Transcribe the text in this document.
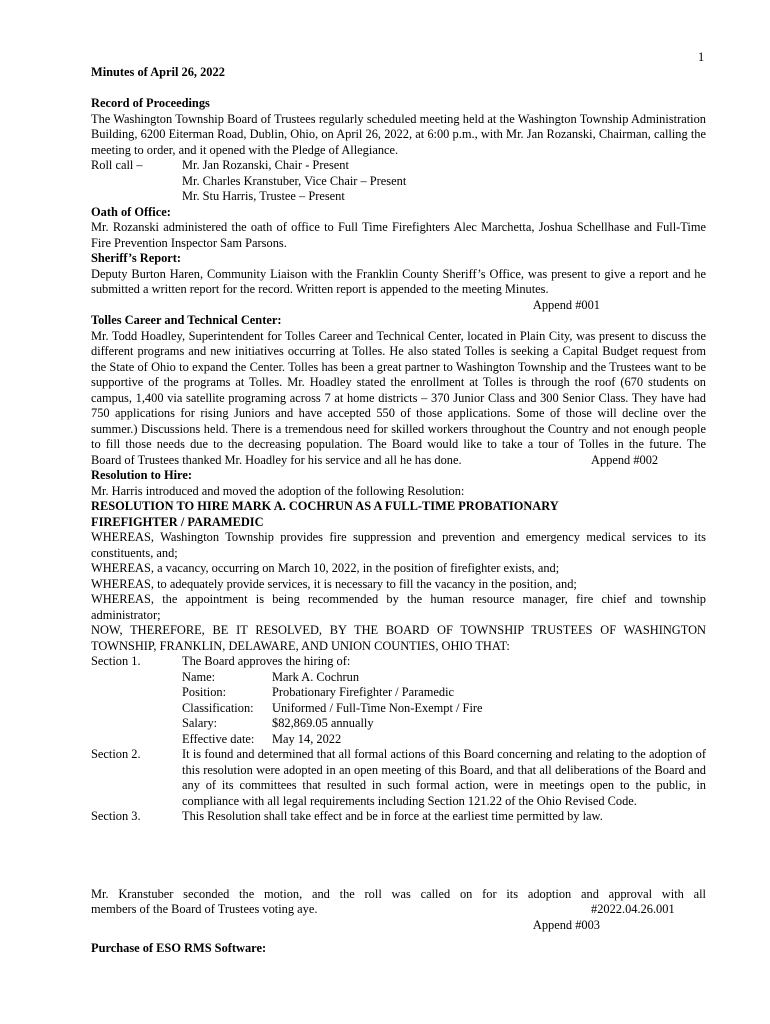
1

Minutes of April 26, 2022

Record of Proceedings

The Washington Township Board of Trustees regularly scheduled meeting held at the Washington Township Administration Building, 6200 Eiterman Road, Dublin, Ohio, on April 26, 2022, at 6:00 p.m., with Mr. Jan Rozanski, Chairman, calling the meeting to order, and it opened with the Pledge of Allegiance.

Roll call –	Mr. Jan Rozanski, Chair - Present
Mr. Charles Kranstuber, Vice Chair – Present
Mr. Stu Harris, Trustee – Present

Oath of Office:

Mr. Rozanski administered the oath of office to Full Time Firefighters Alec Marchetta, Joshua Schellhase and Full-Time Fire Prevention Inspector Sam Parsons.

Sheriff’s Report:

Deputy Burton Haren, Community Liaison with the Franklin County Sheriff’s Office, was present to give a report and he submitted a written report for the record. Written report is appended to the meeting Minutes.

Append #001

Tolles Career and Technical Center:

Mr. Todd Hoadley, Superintendent for Tolles Career and Technical Center, located in Plain City, was present to discuss the different programs and new initiatives occurring at Tolles. He also stated Tolles is seeking a Capital Budget request from the State of Ohio to expand the Center. Tolles has been a great partner to Washington Township and the Trustees want to be supportive of the programs at Tolles. Mr. Hoadley stated the enrollment at Tolles is through the roof (670 students on campus, 1,400 via satellite programing across 7 at home districts – 370 Junior Class and 300 Senior Class. They have had 750 applications for rising Juniors and have accepted 550 of those applications. Some of those will decline over the summer.) Discussions held. There is a tremendous need for skilled workers throughout the Country and not enough people to fill those needs due to the decreasing population. The Board would like to take a tour of Tolles in the future. The

Board of Trustees thanked Mr. Hoadley for his service and all he has done.	Append #002

Resolution to Hire:

Mr. Harris introduced and moved the adoption of the following Resolution:

RESOLUTION TO HIRE MARK A. COCHRUN AS A FULL-TIME PROBATIONARY FIREFIGHTER / PARAMEDIC

WHEREAS, Washington Township provides fire suppression and prevention and emergency medical services to its constituents, and;

WHEREAS, a vacancy, occurring on March 10, 2022, in the position of firefighter exists, and;

WHEREAS, to adequately provide services, it is necessary to fill the vacancy in the position, and;

WHEREAS, the appointment is being recommended by the human resource manager, fire chief and township administrator;

NOW, THEREFORE, BE IT RESOLVED, BY THE BOARD OF TOWNSHIP TRUSTEES OF WASHINGTON TOWNSHIP, FRANKLIN, DELAWARE, AND UNION COUNTIES, OHIO THAT:

Section 1.	The Board approves the hiring of:
Name:	Mark A. Cochrun
Position:	Probationary Firefighter / Paramedic
Classification:	Uniformed / Full-Time Non-Exempt / Fire
Salary:	$82,869.05 annually
Effective date:	May 14, 2022
Section 2.	It is found and determined that all formal actions of this Board concerning and relating to the adoption of this resolution were adopted in an open meeting of this Board, and that all deliberations of the Board and any of its committees that resulted in such formal action, were in meetings open to the public, in compliance with all legal requirements including Section 121.22 of the Ohio Revised Code.
Section 3.	This Resolution shall take effect and be in force at the earliest time permitted by law.

Mr. Kranstuber seconded the motion, and the roll was called on for its adoption and approval with all

members of the Board of Trustees voting aye.	#2022.04.26.001

Append #003

Purchase of ESO RMS Software:
